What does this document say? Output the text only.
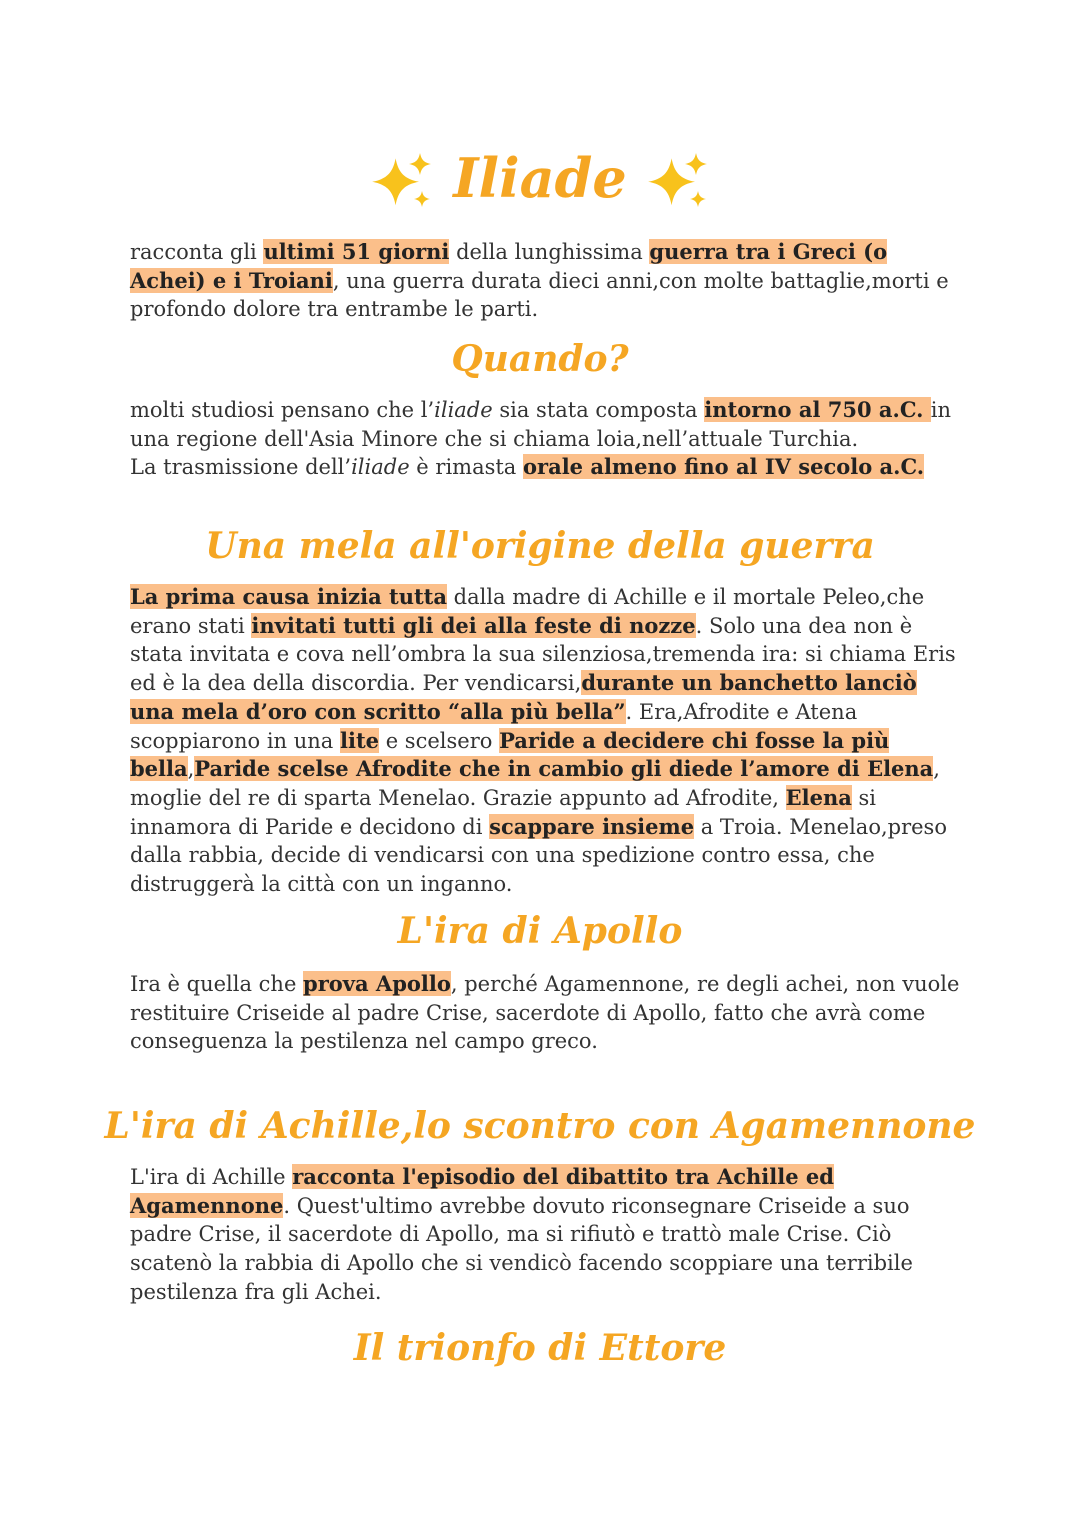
Iliade

racconta gli ultimi 51 giorni della lunghissima guerra tra i Greci (o Achei) e i Troiani, una guerra durata dieci anni,con molte battaglie,morti e profondo dolore tra entrambe le parti.

Quando?

molti studiosi pensano che l’iliade sia stata composta intorno al 750 a.C. in una regione dell'Asia Minore che si chiama loia,nell’attuale Turchia.

La trasmissione dell’iliade è rimasta orale almeno fino al IV secolo a.C.

Una mela all'origine della guerra

La prima causa inizia tutta dalla madre di Achille e il mortale Peleo,che erano stati invitati tutti gli dei alla feste di nozze. Solo una dea non è stata invitata e cova nell’ombra la sua silenziosa,tremenda ira: si chiama Eris ed è la dea della discordia. Per vendicarsi,durante un banchetto lanciò una mela d’oro con scritto “alla più bella”. Era,Afrodite e Atena scoppiarono in una lite e scelsero Paride a decidere chi fosse la più bella,Paride scelse Afrodite che in cambio gli diede l’amore di Elena, moglie del re di sparta Menelao. Grazie appunto ad Afrodite, Elena si innamora di Paride e decidono di scappare insieme a Troia. Menelao,preso dalla rabbia, decide di vendicarsi con una spedizione contro essa, che distruggerà la città con un inganno.

L'ira di Apollo

Ira è quella che prova Apollo, perché Agamennone, re degli achei, non vuole restituire Criseide al padre Crise, sacerdote di Apollo, fatto che avrà come conseguenza la pestilenza nel campo greco.

L'ira di Achille,lo scontro con Agamennone

L'ira di Achille racconta l'episodio del dibattito tra Achille ed Agamennone. Quest'ultimo avrebbe dovuto riconsegnare Criseide a suo padre Crise, il sacerdote di Apollo, ma si rifiutò e trattò male Crise. Ciò scatenò la rabbia di Apollo che si vendicò facendo scoppiare una terribile pestilenza fra gli Achei.

Il trionfo di Ettore
